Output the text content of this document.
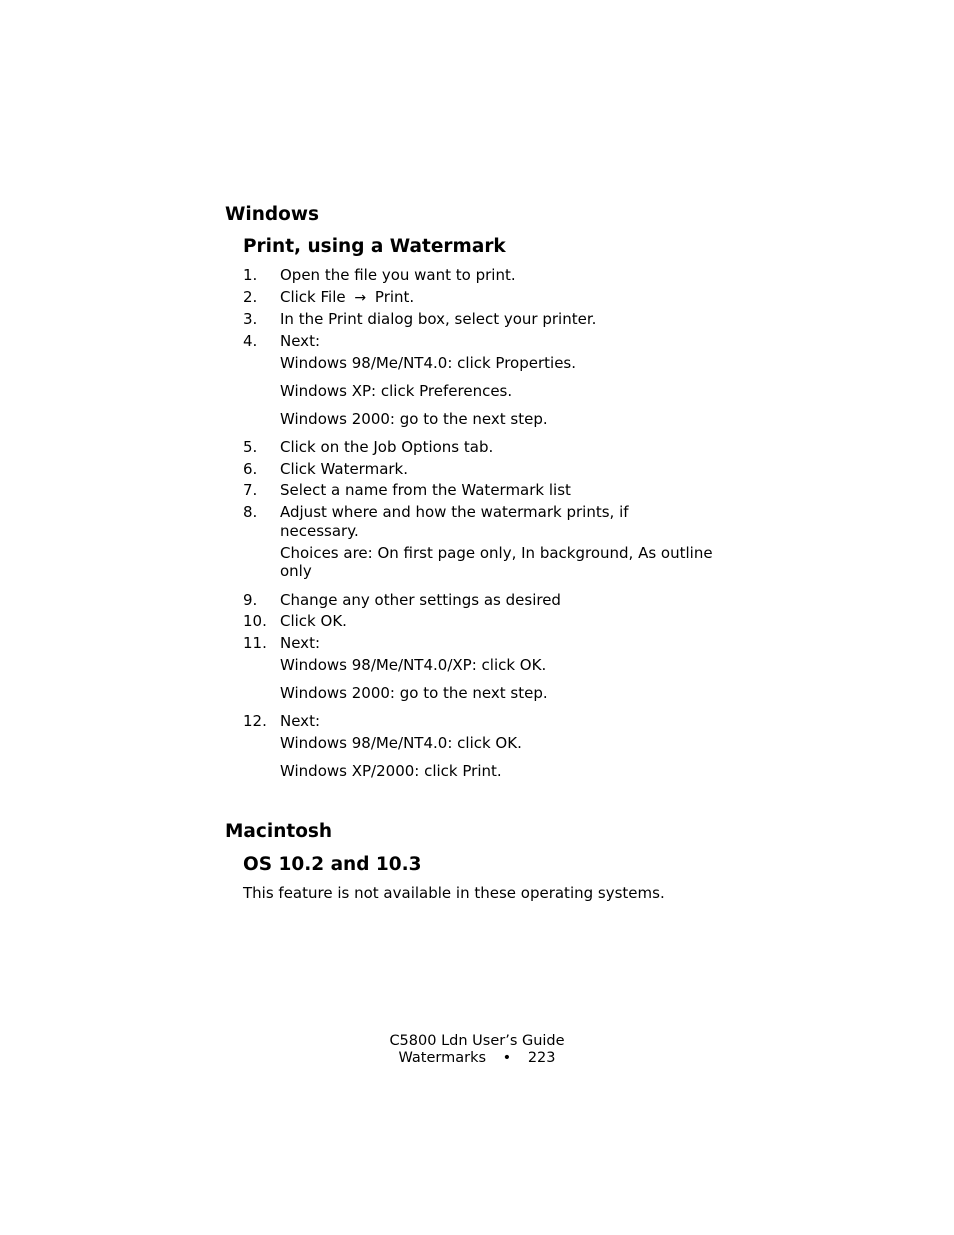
Windows
Print, using a Watermark
1. Open the file you want to print.
2. Click File → Print.
3. In the Print dialog box, select your printer.
4. Next:
Windows 98/Me/NT4.0: click Properties.
Windows XP: click Preferences.
Windows 2000: go to the next step.
5. Click on the Job Options tab.
6. Click Watermark.
7. Select a name from the Watermark list
8. Adjust where and how the watermark prints, if
necessary.
Choices are: On first page only, In background, As outline
only
9. Change any other settings as desired
10. Click OK.
11. Next:
Windows 98/Me/NT4.0/XP: click OK.
Windows 2000: go to the next step.
12. Next:
Windows 98/Me/NT4.0: click OK.
Windows XP/2000: click Print.
Macintosh
OS 10.2 and 10.3
This feature is not available in these operating systems.
C5800 Ldn User’s Guide
Watermarks • 223
